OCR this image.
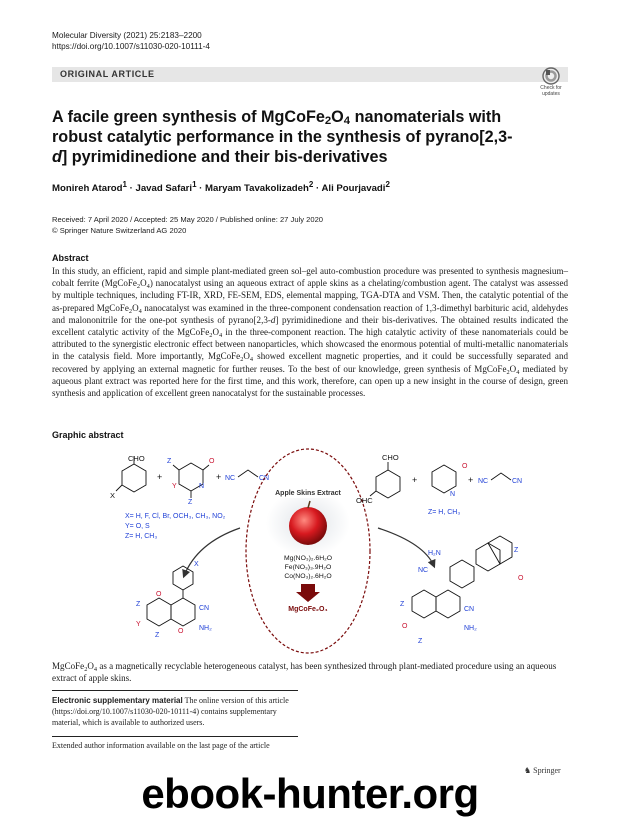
Molecular Diversity (2021) 25:2183–2200
https://doi.org/10.1007/s11030-020-10111-4
ORIGINAL ARTICLE
Check for
updates
A facile green synthesis of $MgCoFe_2O_4$ nanomaterials with robust catalytic performance in the synthesis of pyrano[2,3-d] pyrimidinedione and their bis-derivatives
Monireh Atarod$^1$ · Javad Safari$^1$ · Maryam Tavakolizadeh$^2$ · Ali Pourjavadi$^2$
Received: 7 April 2020 / Accepted: 25 May 2020 / Published online: 27 July 2020
© Springer Nature Switzerland AG 2020
Abstract
In this study, an efficient, rapid and simple plant-mediated green sol–gel auto-combustion procedure was presented to synthesis magnesium–cobalt ferrite $(MgCoFe_2O_4)$ nanocatalyst using an aqueous extract of apple skins as a chelating/combustion agent. The catalyst was assessed by multiple techniques, including FT-IR, XRD, FE-SEM, EDS, elemental mapping, TGA-DTA and VSM. Then, the catalytic potential of the as-prepared $MgCoFe_2O_4$ nanocatalyst was examined in the three-component condensation reaction of 1,3-dimethyl barbituric acid, aldehydes and malononitrile for the one-pot synthesis of pyrano[2,3-d] pyrimidinedione and their bis-derivatives. The obtained results indicated the excellent catalytic activity of the $MgCoFe_2O_4$ in the three-component reaction. The high catalytic activity of these nanomaterials could be attributed to the synergistic electronic effect between nanoparticles, which showcased the enormous potential of multi-metallic nanomaterials in the catalysis field. More importantly, $MgCoFe_2O_4$ showed excellent magnetic properties, and it could be successfully separated and recovered by applying an external magnetic for further reuses. To the best of our knowledge, green synthesis of $MgCoFe_2O_4$ mediated by aqueous plant extract was reported here for the first time, and this work, therefore, can open up a new insight in the course of design, green synthesis and application of excellent green nanocatalyst for the sustainable processes.
Graphic abstract
CHO
X
+
O
Z
Z
N
Y
+ NC	CN
X= H, F, Cl, Br, OCH₃, CH₃, NO₂
Y= O, S
Z= H, CH₃
Apple Skins Extract
Mg(NO₃)₂.6H₂O
Fe(NO₃)₃.9H₂O
Co(NO₃)₂.6H₂O
MgCoFe₂O₄
X
CN
NH₂
O
O
Z
Y
Z
CHO
OHC
+
O
N
+ NC	CN
Z= H, CH₃
H₂N
NC
Z
O
CN
NH₂
Z
Z
O
$MgCoFe_2O_4$ as a magnetically recyclable heterogeneous catalyst, has been synthesized through plant-mediated procedure using an aqueous extract of apple skins.
Electronic supplementary material The online version of this article (https://doi.org/10.1007/s11030-020-10111-4) contains supplementary material, which is available to authorized users.
Extended author information available on the last page of the article
♞ Springer
ebook-hunter.org
